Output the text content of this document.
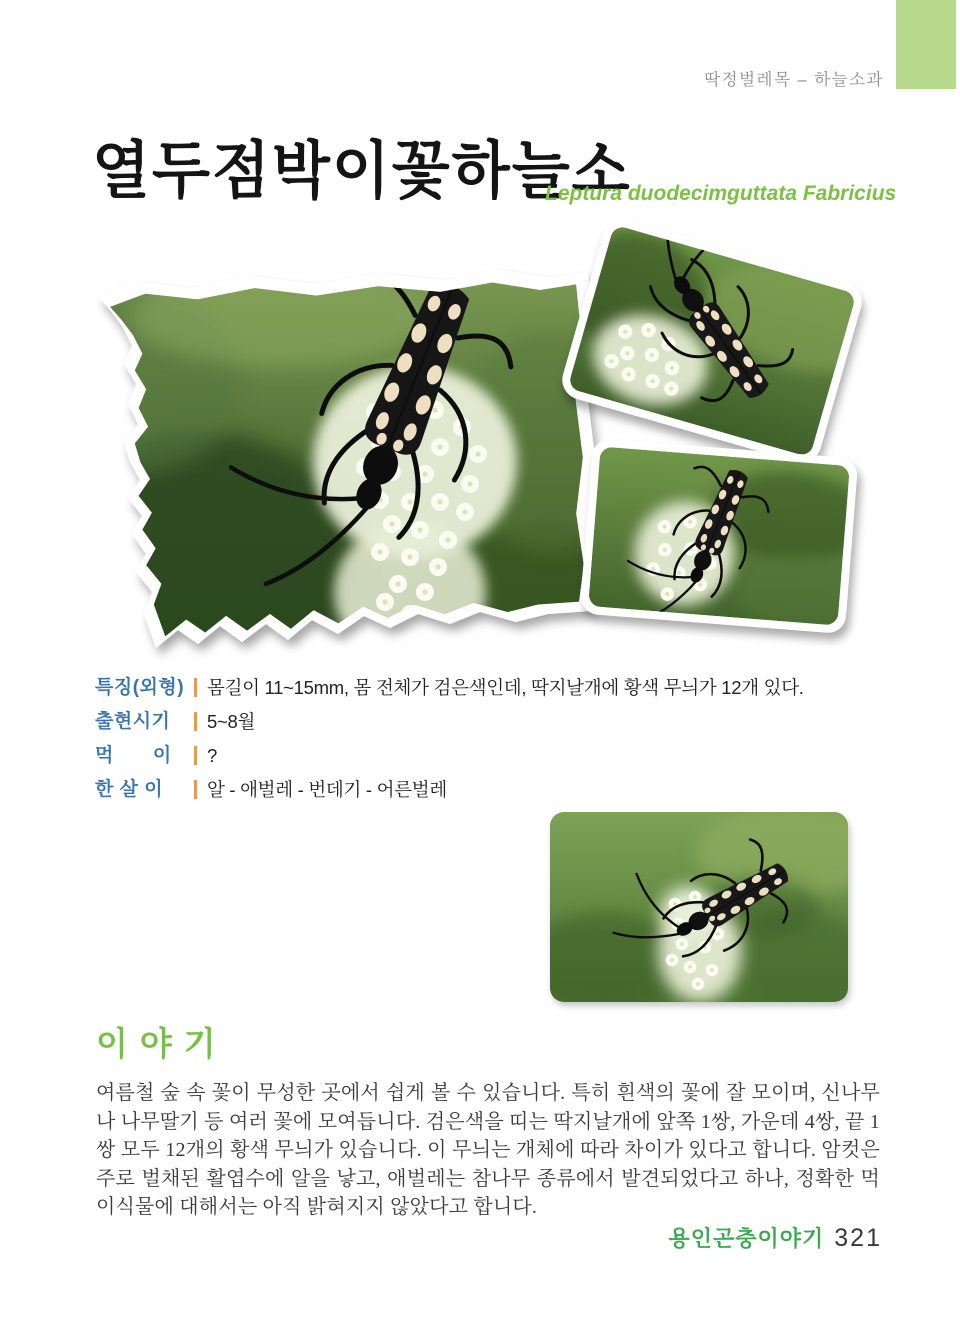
딱정벌레목 – 하늘소과
열두점박이꽃하늘소
Leptura duodecimguttata Fabricius
특징(외형) 몸길이 11~15mm, 몸 전체가 검은색인데, 딱지날개에 황색 무늬가 12개 있다.
출현시기	5~8월
먹  이	?
한 살 이	알 - 애벌레 - 번데기 - 어른벌레
이야기

여름철 숲 속 꽃이 무성한 곳에서 쉽게 볼 수 있습니다. 특히 흰색의 꽃에 잘 모이며, 신나무나 나무딸기 등 여러 꽃에 모여듭니다. 검은색을 띠는 딱지날개에 앞쪽 1쌍, 가운데 4쌍, 끝 1쌍 모두 12개의 황색 무늬가 있습니다. 이 무늬는 개체에 따라 차이가 있다고 합니다. 암컷은 주로 벌채된 활엽수에 알을 낳고, 애벌레는 참나무 종류에서 발견되었다고 하나, 정확한 먹이식물에 대해서는 아직 밝혀지지 않았다고 합니다.

용인곤충이야기 321
